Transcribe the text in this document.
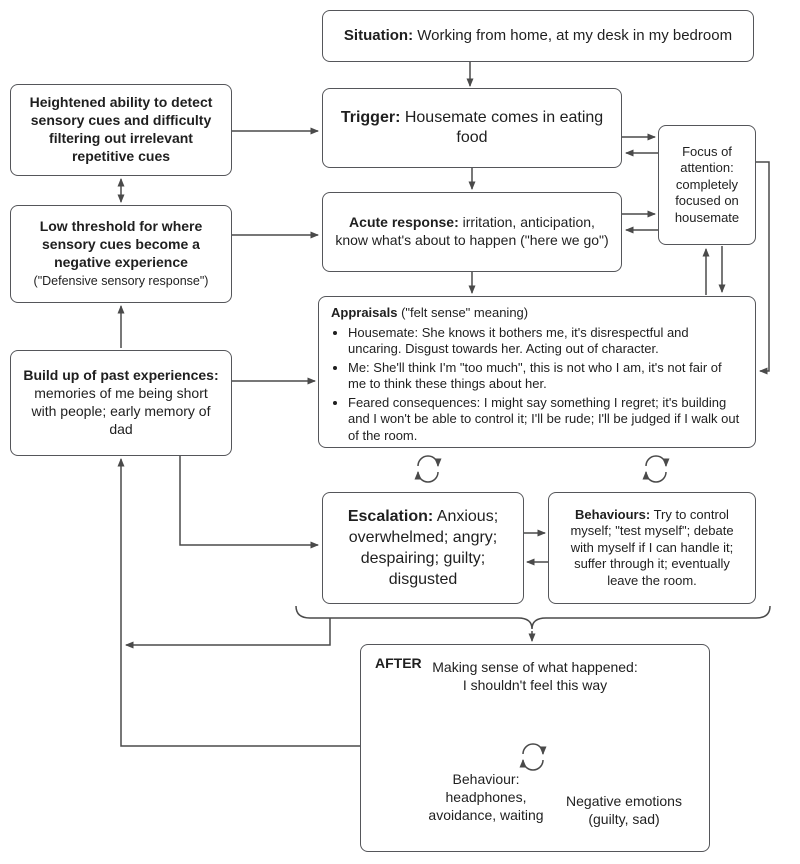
Situation: Working from home, at my desk in my bedroom
Heightened ability to detect sensory cues and difficulty filtering out irrelevant repetitive cues
Trigger: Housemate comes in eating food
Focus of attention: completely focused on housemate
Low threshold for where sensory cues become a negative experience
("Defensive sensory response")
Acute response: irritation, anticipation, know what's about to happen ("here we go")
Appraisals ("felt sense" meaning)
• Housemate: She knows it bothers me, it's disrespectful and uncaring. Disgust towards her. Acting out of character.
• Me: She'll think I'm "too much", this is not who I am, it's not fair of me to think these things about her.
• Feared consequences: I might say something I regret; it's building and I won't be able to control it; I'll be rude; I'll be judged if I walk out of the room.
Build up of past experiences: memories of me being short with people; early memory of dad
Escalation: Anxious; overwhelmed; angry; despairing; guilty; disgusted
Behaviours: Try to control myself; "test myself"; debate with myself if I can handle it; suffer through it; eventually leave the room.
AFTER Making sense of what happened: I shouldn't feel this way
Behaviour: headphones, avoidance, waiting
Negative emotions (guilty, sad)
